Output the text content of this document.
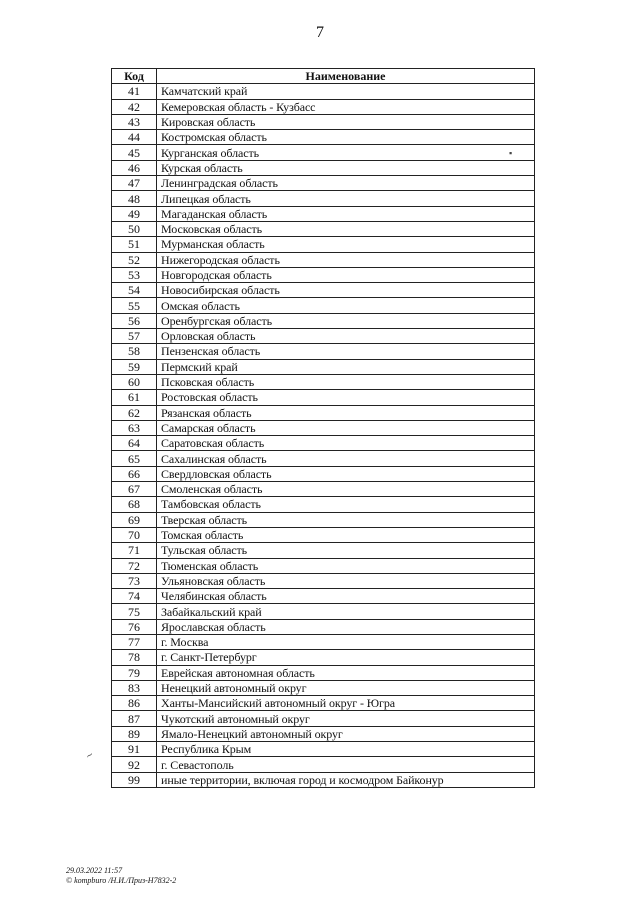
7
Код	Наименование
41	Камчатский край
42	Кемеровская область - Кузбасс
43	Кировская область
44	Костромская область
45	Курганская область
46	Курская область
47	Ленинградская область
48	Липецкая область
49	Магаданская область
50	Московская область
51	Мурманская область
52	Нижегородская область
53	Новгородская область
54	Новосибирская область
55	Омская область
56	Оренбургская область
57	Орловская область
58	Пензенская область
59	Пермский край
60	Псковская область
61	Ростовская область
62	Рязанская область
63	Самарская область
64	Саратовская область
65	Сахалинская область
66	Свердловская область
67	Смоленская область
68	Тамбовская область
69	Тверская область
70	Томская область
71	Тульская область
72	Тюменская область
73	Ульяновская область
74	Челябинская область
75	Забайкальский край
76	Ярославская область
77	г. Москва
78	г. Санкт-Петербург
79	Еврейская автономная область
83	Ненецкий автономный округ
86	Ханты-Мансийский автономный округ - Югра
87	Чукотский автономный округ
89	Ямало-Ненецкий автономный округ
91	Республика Крым
92	г. Севастополь
99	иные территории, включая город и космодром Байконур
▪
∼
29.03.2022 11:57
© kompburo /Н.И./Приз-Н7832-2
